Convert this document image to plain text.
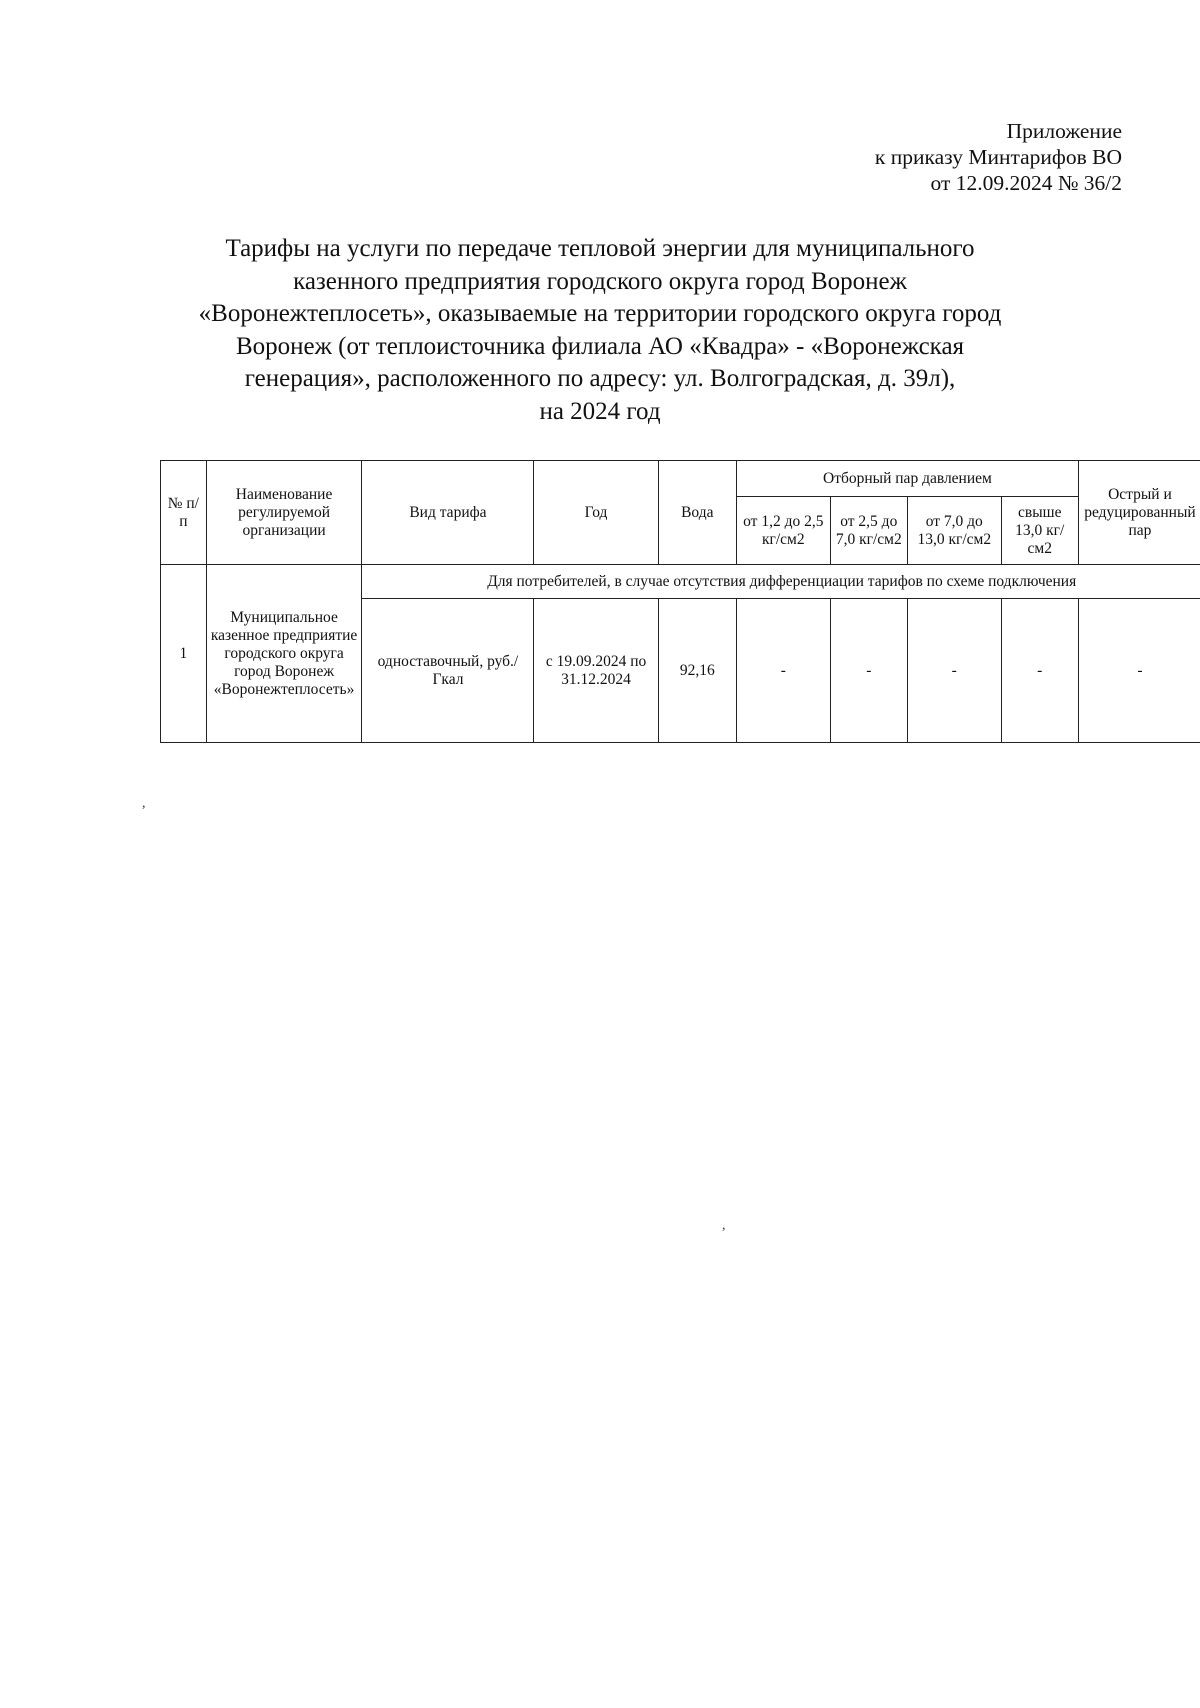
Приложение
к приказу Минтарифов ВО
от 12.09.2024 № 36/2
Тарифы на услуги по передаче тепловой энергии для муниципального
казенного предприятия городского округа город Воронеж
«Воронежтеплосеть», оказываемые на территории городского округа город
Воронеж (от теплоисточника филиала АО «Квадра» - «Воронежская
генерация», расположенного по адресу: ул. Волгоградская, д. 39л),
на 2024 год
№ п/п	Наименование регулируемой организации	Вид тарифа	Год	Вода	Отборный пар давлением				Острый и редуцированный пар
					от 1,2 до 2,5 кг/см2	от 2,5 до 7,0 кг/см2	от 7,0 до 13,0 кг/см2	свыше 13,0 кг/см2	
1	Муниципальное казенное предприятие городского округа город Воронеж «Воронежтеплосеть»	Для потребителей, в случае отсутствия дифференциации тарифов по схеме подключения							
		одноставочный, руб./Гкал	с 19.09.2024 по 31.12.2024	92,16	-	-	-	-	-
,
,
